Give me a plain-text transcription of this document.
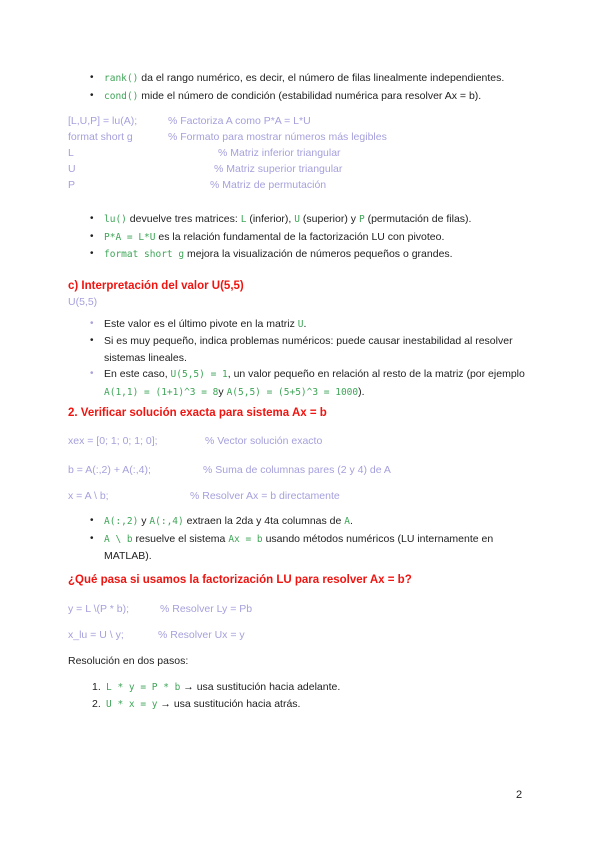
• rank() da el rango numérico, es decir, el número de filas linealmente independientes.
• cond() mide el número de condición (estabilidad numérica para resolver Ax = b).
[L,U,P] = lu(A);	% Factoriza A como P*A = L*U
format short g	% Formato para mostrar números más legibles
L	% Matriz inferior triangular
U	% Matriz superior triangular
P	% Matriz de permutación
• lu() devuelve tres matrices: L (inferior), U (superior) y P (permutación de filas).
• P*A = L*U es la relación fundamental de la factorización LU con pivoteo.
• format short g mejora la visualización de números pequeños o grandes.
c) Interpretación del valor U(5,5)
U(5,5)
• Este valor es el último pivote en la matriz U.
• Si es muy pequeño, indica problemas numéricos: puede causar inestabilidad al resolver sistemas lineales.
• En este caso, U(5,5) = 1, un valor pequeño en relación al resto de la matriz (por ejemplo A(1,1) = (1+1)^3 = 8y A(5,5) = (5+5)^3 = 1000).
2. Verificar solución exacta para sistema Ax = b
xex = [0; 1; 0; 1; 0];	% Vector solución exacto
b = A(:,2) + A(:,4);	% Suma de columnas pares (2 y 4) de A
x = A \ b;	% Resolver Ax = b directamente
• A(:,2) y A(:,4) extraen la 2da y 4ta columnas de A.
• A \ b resuelve el sistema Ax = b usando métodos numéricos (LU internamente en MATLAB).
¿Qué pasa si usamos la factorización LU para resolver Ax = b?
y = L \(P * b);	% Resolver Ly = Pb
x_lu = U \ y;	% Resolver Ux = y
Resolución en dos pasos:
1. L * y = P * b → usa sustitución hacia adelante.
2. U * x = y → usa sustitución hacia atrás.
2
